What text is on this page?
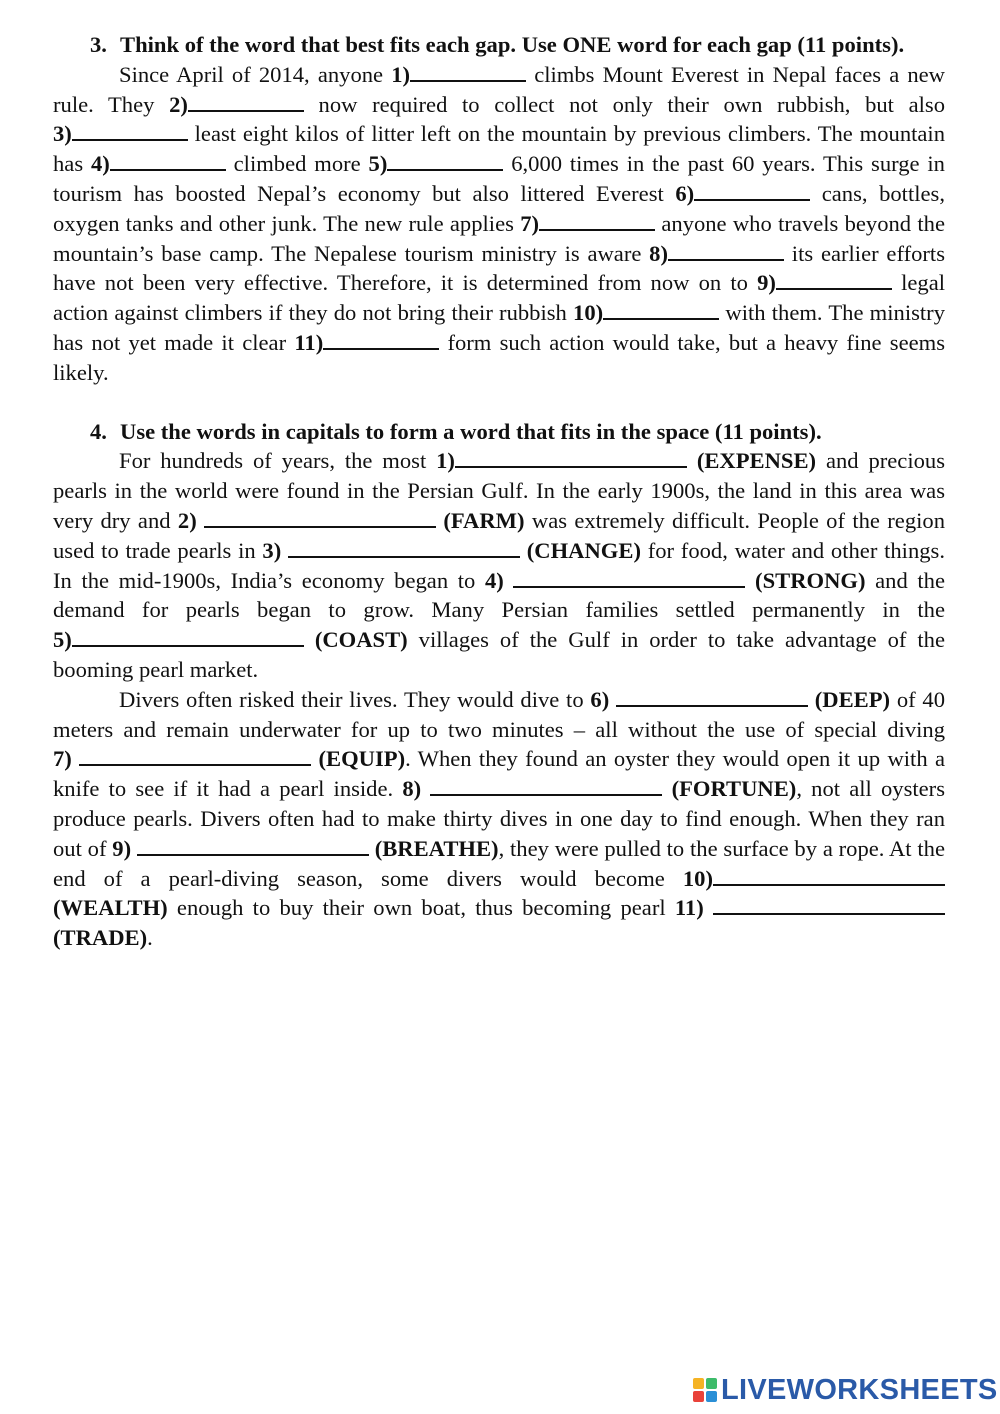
3. Think of the word that best fits each gap. Use ONE word for each gap (11 points).

Since April of 2014, anyone 1)	climbs Mount Everest in Nepal faces a new rule. They 2)	now required to collect not only their own rubbish, but also 3)	least eight kilos of litter left on the mountain by previous climbers. The mountain has 4)	climbed more 5)	6,000 times in the past 60 years. This surge in tourism has boosted Nepal’s economy but also littered Everest 6)	cans, bottles, oxygen tanks and other junk. The new rule applies 7)	anyone who travels beyond the mountain’s base camp. The Nepalese tourism ministry is aware 8)	its earlier efforts have not been very effective. Therefore, it is determined from now on to 9)	legal action against climbers if they do not bring their rubbish 10)	with them. The ministry has not yet made it clear 11)	form such action would take, but a heavy fine seems likely.

4. Use the words in capitals to form a word that fits in the space (11 points).

For hundreds of years, the most 1)	(EXPENSE) and precious pearls in the world were found in the Persian Gulf. In the early 1900s, the land in this area was very dry and 2)	(FARM) was extremely difficult. People of the region used to trade pearls in 3)	(CHANGE) for food, water and other things. In the mid-1900s, India’s economy began to 4)	(STRONG) and the demand for pearls began to grow. Many Persian families settled permanently in the 5)	(COAST) villages of the Gulf in order to take advantage of the booming pearl market.

Divers often risked their lives. They would dive to 6)	(DEEP) of 40 meters and remain underwater for up to two minutes – all without the use of special diving 7)	(EQUIP). When they found an oyster they would open it up with a knife to see if it had a pearl inside. 8)	(FORTUNE), not all oysters produce pearls. Divers often had to make thirty dives in one day to find enough. When they ran out of 9)	(BREATHE), they were pulled to the surface by a rope. At the end of a pearl-diving season, some divers would become 10) (WEALTH) enough to buy their own boat, thus becoming pearl 11)  (TRADE).

LIVEWORKSHEETS
